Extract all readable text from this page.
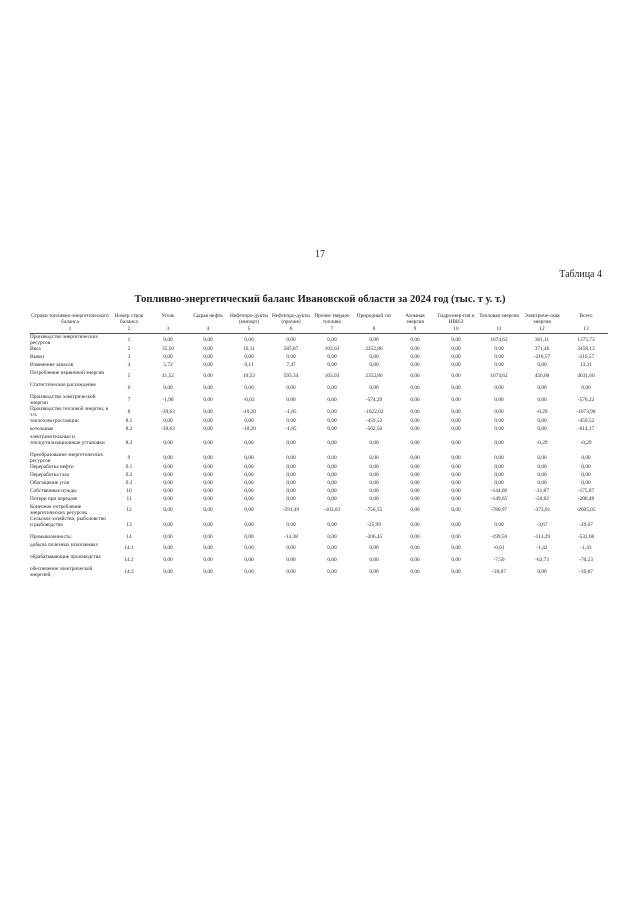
17
Таблица 4
Топливно-энергетический баланс Ивановской области за 2024 год (тыс. т у. т.)
Строки топливно-энергетического баланса	Номер строк баланса	Уголь	Сырая нефть	Нефтепро-дукты (импорт)	Нефтепро-дукты (прочие)	Прочее твердое топливо	Природный газ	Атомная энергия	Гидроэнер-гия и НВИЭ	Тепловая энергия	Электриче-ская энергия	Всего
1	2	3	4	5	6	7	8	9	10	11	12	13
Производство энергетических ресурсов	1	0,00	0,00	0,00	0,00	0,00	0,00	0,00	0,00	1074,62	301,11	1375,73
Ввоз	2	35,50	0,00	10,11	585,87	103,03	2352,86	0,00	0,00	0,00	371,46	3458,13
Вывоз	3	0,00	0,00	0,00	0,00	0,00	0,00	0,00	0,00	0,00	-216,57	-216,57
Изменение запасов	4	5,72	0,00	0,11	7,47	0,00	0,00	0,00	0,00	0,00	0,00	13,31
Потребление первичной энергии	5	41,52	0,00	10,23	593,34	103,03	2352,86	0,00	0,00	1074,62	456,00	4631,60
Статистическое расхождение	6	0,00	0,00	0,00	0,00	0,00	0,00	0,00	0,00	0,00	0,00	0,00
Производство электрической энергии	7	-1,90	0,00	-0,03	0,00	0,00	-574,29	0,00	0,00	0,00	0,00	-576,22
Производство тепловой энергии, в т.ч.	8	-39,63	0,00	-10,20	-1,85	0,00	-1022,02	0,00	0,00	0,00	-0,29	-1073,98
теплоэлектростанции	8.1	0,00	0,00	0,00	0,00	0,00	-459,52	0,00	0,00	0,00	0,00	-459,52
котельные	8.2	-39,63	0,00	-10,20	-1,85	0,00	-562,50	0,00	0,00	0,00	0,00	-614,17
электрокотельные и теплоутилизационные установки	8.3	0,00	0,00	0,00	0,00	0,00	0,00	0,00	0,00	0,00	-0,29	-0,29
Преобразование энергетических ресурсов	9	0,00	0,00	0,00	0,00	0,00	0,00	0,00	0,00	0,00	0,00	0,00
Переработка нефти	9.1	0,00	0,00	0,00	0,00	0,00	0,00	0,00	0,00	0,00	0,00	0,00
Переработка газа	9.2	0,00	0,00	0,00	0,00	0,00	0,00	0,00	0,00	0,00	0,00	0,00
Обогащение угля	9.3	0,00	0,00	0,00	0,00	0,00	0,00	0,00	0,00	0,00	0,00	0,00
Собственные нужды	10	0,00	0,00	0,00	0,00	0,00	0,00	0,00	0,00	-144,00	-31,87	-175,87
Потери при передаче	11	0,00	0,00	0,00	0,00	0,00	0,00	0,00	0,00	-149,65	-50,82	-200,48
Конечное потребление энергетических ресурсов	12	0,00	0,00	0,00	-591,49	-103,03	-756,55	0,00	0,00	-780,97	-373,01	-2605,05
Сельское хозяйство, рыболовство и рыбоводство	13	0,00	0,00	0,00	0,00	0,00	-25,99	0,00	0,00	0,00	-3,67	-29,67
Промышленность:	14	0,00	0,00	0,00	-13,38	0,00	-206,45	0,00	0,00	-199,56	-113,29	-532,68
добыча полезных ископаемых	14.1	0,00	0,00	0,00	0,00	0,00	0,00	0,00	0,00	-0,01	-1,42	-1,43
обрабатывающие производства	14.2	0,00	0,00	0,00	0,00	0,00	0,00	0,00	0,00	-7,50	-62,73	-70,23
обеспечение электрической энергией,	14.3	0,00	0,00	0,00	0,00	0,00	0,00	0,00	0,00	-39,87	0,00	-39,87
